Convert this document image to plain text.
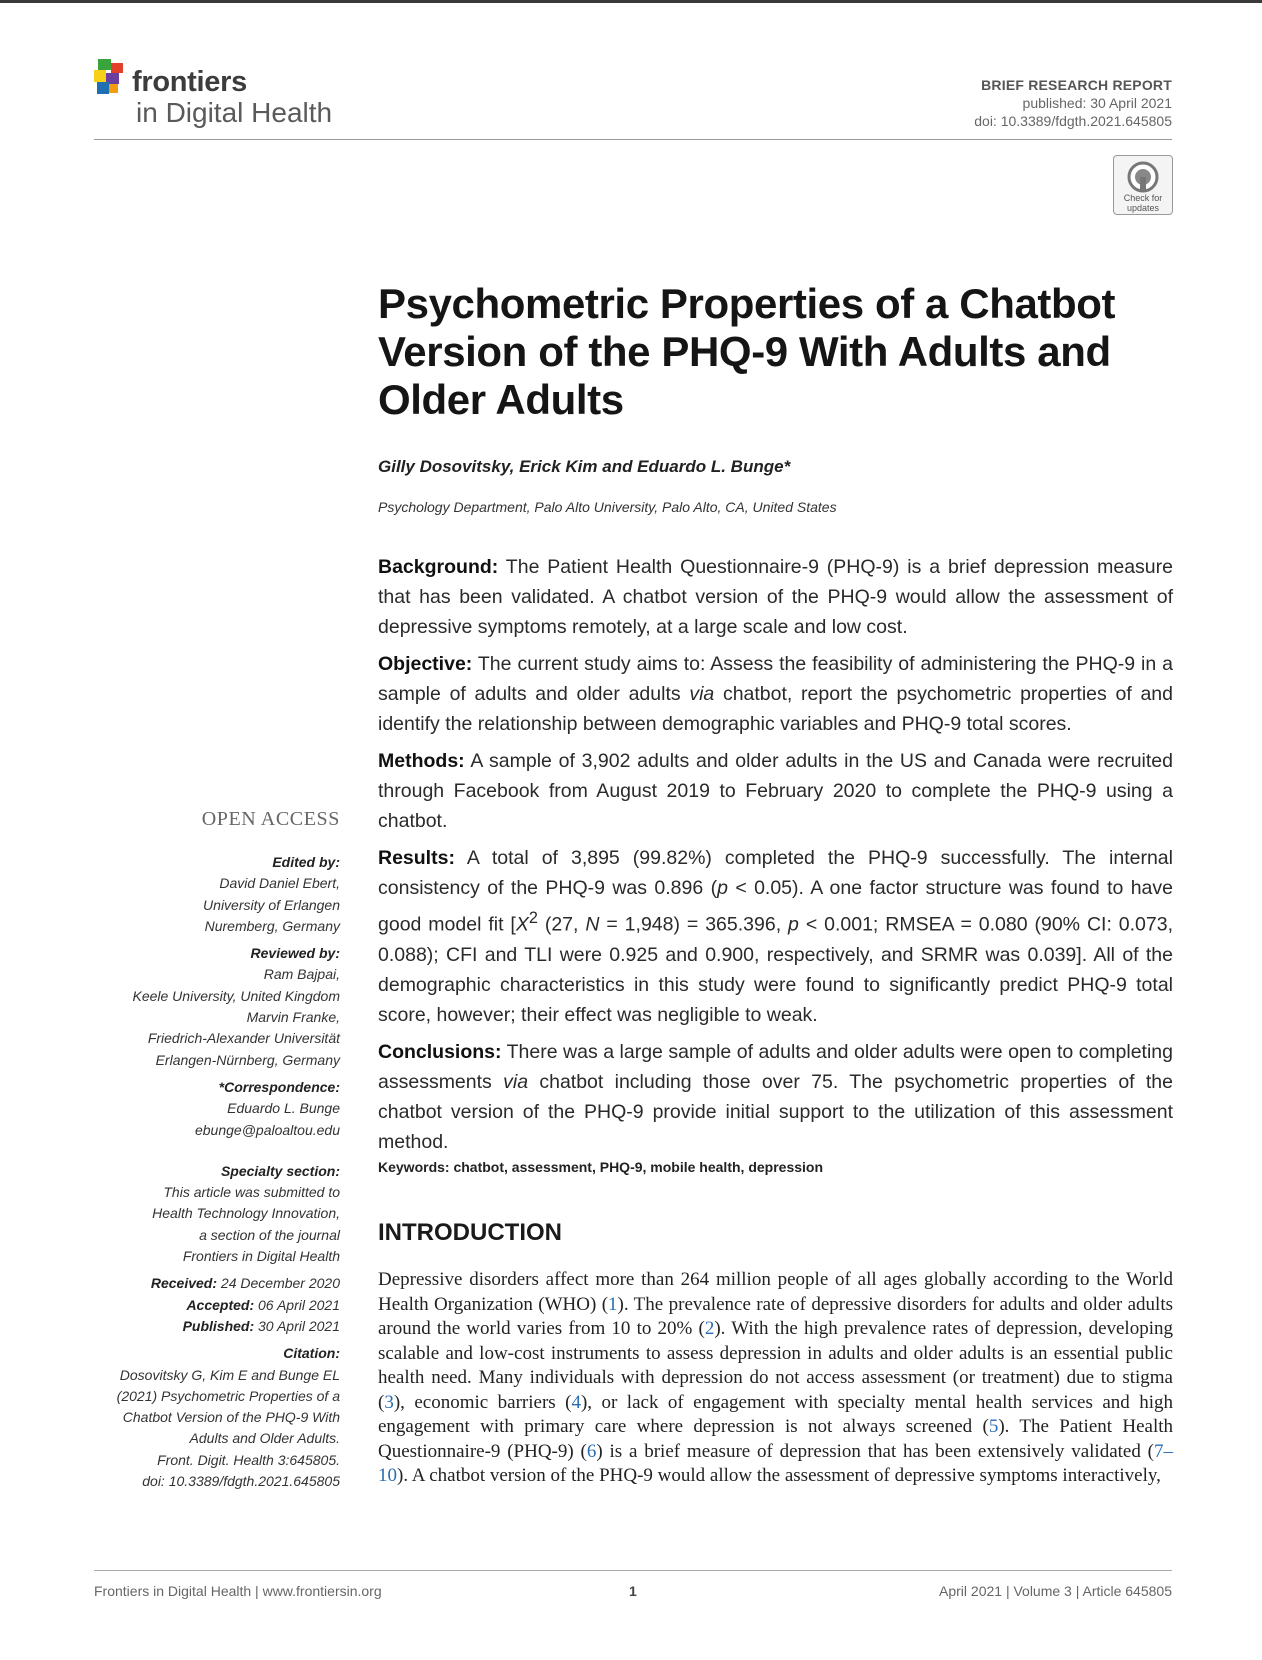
frontiers
in Digital Health
BRIEF RESEARCH REPORT
published: 30 April 2021
doi: 10.3389/fdgth.2021.645805
Check for
updates
Psychometric Properties of a Chatbot Version of the PHQ-9 With Adults and Older Adults
Gilly Dosovitsky, Erick Kim and Eduardo L. Bunge*
Psychology Department, Palo Alto University, Palo Alto, CA, United States

Background: The Patient Health Questionnaire-9 (PHQ-9) is a brief depression measure that has been validated. A chatbot version of the PHQ-9 would allow the assessment of depressive symptoms remotely, at a large scale and low cost.

Objective: The current study aims to: Assess the feasibility of administering the PHQ-9 in a sample of adults and older adults via chatbot, report the psychometric properties of and identify the relationship between demographic variables and PHQ-9 total scores.

Methods: A sample of 3,902 adults and older adults in the US and Canada were recruited through Facebook from August 2019 to February 2020 to complete the PHQ-9 using a chatbot.

Results: A total of 3,895 (99.82%) completed the PHQ-9 successfully. The internal consistency of the PHQ-9 was 0.896 (p < 0.05). A one factor structure was found to have good model fit [$X^2$ (27, N = 1,948) = 365.396, p < 0.001; RMSEA = 0.080 (90% CI: 0.073, 0.088); CFI and TLI were 0.925 and 0.900, respectively, and SRMR was 0.039]. All of the demographic characteristics in this study were found to significantly predict PHQ-9 total score, however; their effect was negligible to weak.

Conclusions: There was a large sample of adults and older adults were open to completing assessments via chatbot including those over 75. The psychometric properties of the chatbot version of the PHQ-9 provide initial support to the utilization of this assessment method.

Keywords: chatbot, assessment, PHQ-9, mobile health, depression
OPEN ACCESS
Edited by:
David Daniel Ebert,
University of Erlangen
Nuremberg, Germany
Reviewed by:
Ram Bajpai,
Keele University, United Kingdom
Marvin Franke,
Friedrich-Alexander Universität
Erlangen-Nürnberg, Germany
*Correspondence:
Eduardo L. Bunge
ebunge@paloaltou.edu
Specialty section:
This article was submitted to
Health Technology Innovation,
a section of the journal
Frontiers in Digital Health
Received: 24 December 2020
Accepted: 06 April 2021
Published: 30 April 2021
Citation:
Dosovitsky G, Kim E and Bunge EL
(2021) Psychometric Properties of a
Chatbot Version of the PHQ-9 With
Adults and Older Adults.
Front. Digit. Health 3:645805.
doi: 10.3389/fdgth.2021.645805
INTRODUCTION

Depressive disorders affect more than 264 million people of all ages globally according to the World Health Organization (WHO) (1). The prevalence rate of depressive disorders for adults and older adults around the world varies from 10 to 20% (2). With the high prevalence rates of depression, developing scalable and low-cost instruments to assess depression in adults and older adults is an essential public health need. Many individuals with depression do not access assessment (or treatment) due to stigma (3), economic barriers (4), or lack of engagement with specialty mental health services and high engagement with primary care where depression is not always screened (5). The Patient Health Questionnaire-9 (PHQ-9) (6) is a brief measure of depression that has been extensively validated (7–10). A chatbot version of the PHQ-9 would allow the assessment of depressive symptoms interactively,

Frontiers in Digital Health | www.frontiersin.org	1	April 2021 | Volume 3 | Article 645805
